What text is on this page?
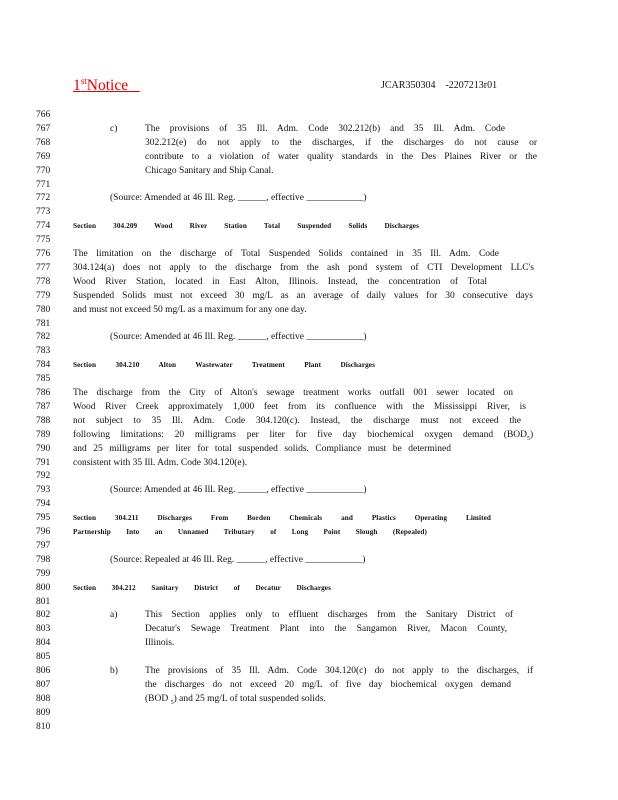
1stNotice	JCAR350304 -2207213r01
766
767
768
769
770
771
772
773
774
775
776
777
778
779
780
781
782
783
784
785
786
787
788
789
790
791
792
793
794
795
796
797
798
799
800
801
802
803
804
805
806
807
808
809
810
c)	The provisions of 35 Ill. Adm. Code 302.212(b) and 35 Ill. Adm. Code
302.212(e) do not apply to the discharges, if the discharges do not cause or
contribute to a violation of water quality standards in the Des Plaines River or the
Chicago Sanitary and Ship Canal.
(Source: Amended at 46 Ill. Reg. ______, effective ____________)
Section 304.209 Wood River Station Total Suspended Solids Discharges
The limitation on the discharge of Total Suspended Solids contained in 35 Ill. Adm. Code
304.124(a) does not apply to the discharge from the ash pond system of CTI Development LLC's
Wood River Station, located in East Alton, Illinois. Instead, the concentration of Total
Suspended Solids must not exceed 30 mg/L as an average of daily values for 30 consecutive days
and must not exceed 50 mg/L as a maximum for any one day.
(Source: Amended at 46 Ill. Reg. ______, effective ____________)
Section 304.210 Alton Wastewater Treatment Plant Discharges
The discharge from the City of Alton's sewage treatment works outfall 001 sewer located on
Wood River Creek approximately 1,000 feet from its confluence with the Mississippi River, is
not subject to 35 Ill. Adm. Code 304.120(c). Instead, the discharge must not exceed the
following limitations: 20 milligrams per liter for five day biochemical oxygen demand $(BOD_5)$
and 25 milligrams per liter for total suspended solids. Compliance must be determined
consistent with 35 Ill. Adm. Code 304.120(e).
(Source: Amended at 46 Ill. Reg. ______, effective ____________)
Section 304.211 Discharges From Borden Chemicals and Plastics Operating Limited
Partnership Into an Unnamed Tributary of Long Point Slough (Repealed)
(Source: Repealed at 46 Ill. Reg. ______, effective ____________)
Section 304.212 Sanitary District of Decatur Discharges
a)	This Section applies only to effluent discharges from the Sanitary District of
Decatur's Sewage Treatment Plant into the Sangamon River, Macon County,
Illinois.
b)	The provisions of 35 Ill. Adm. Code 304.120(c) do not apply to the discharges, if
the discharges do not exceed 20 mg/L of five day biochemical oxygen demand
(BOD $_5$) and 25 mg/L of total suspended solids.
